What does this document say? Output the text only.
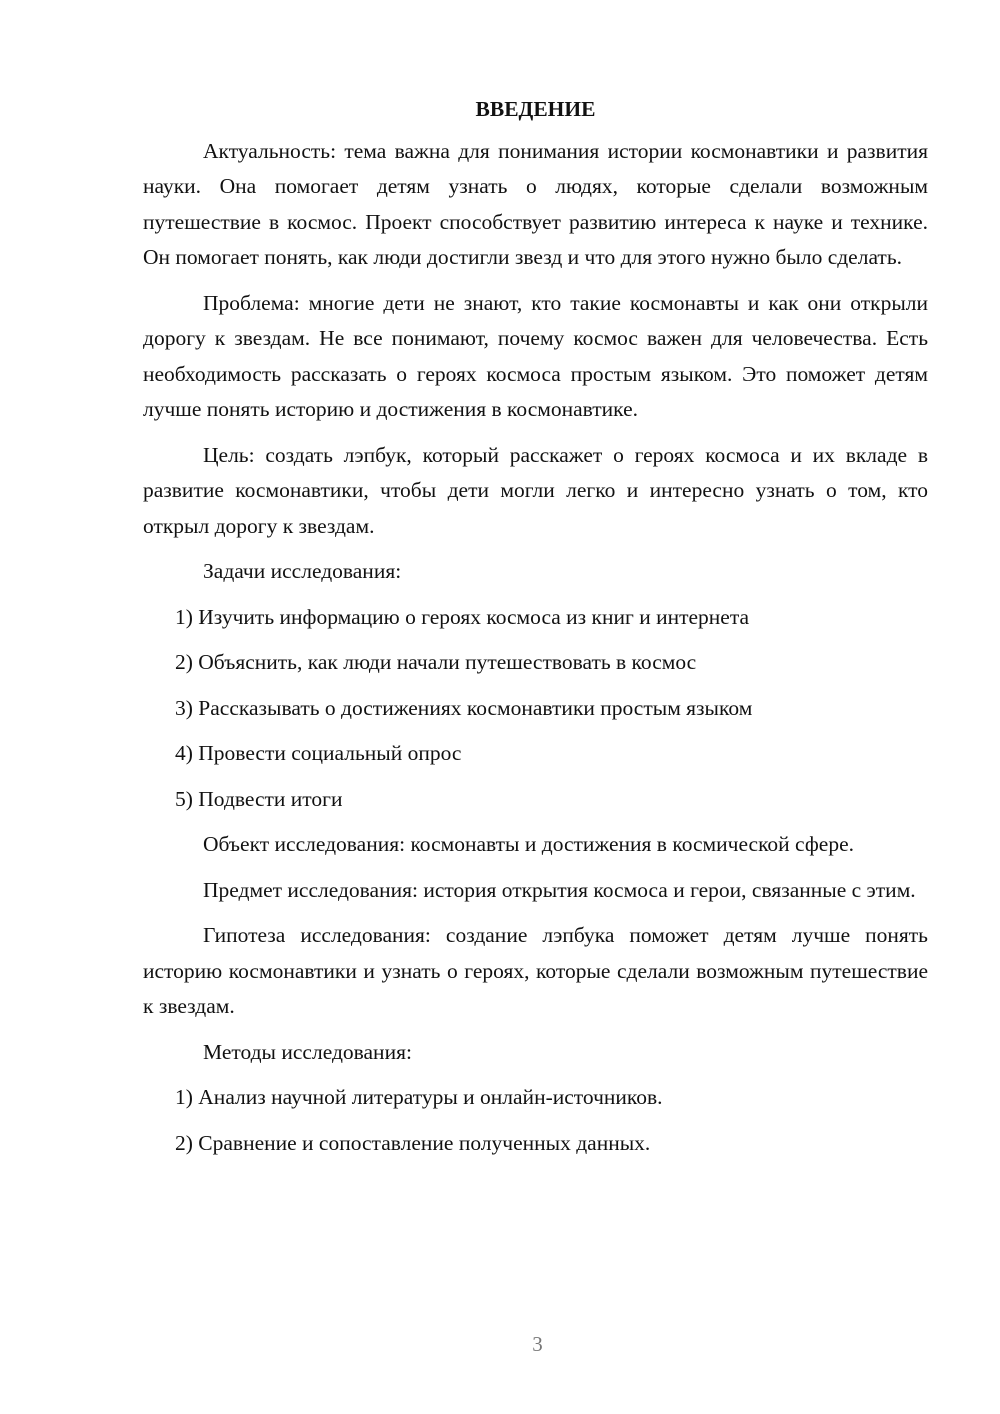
ВВЕДЕНИЕ

Актуальность: тема важна для понимания истории космонавтики и развития науки. Она помогает детям узнать о людях, которые сделали возможным путешествие в космос. Проект способствует развитию интереса к науке и технике. Он помогает понять, как люди достигли звезд и что для этого нужно было сделать.

Проблема: многие дети не знают, кто такие космонавты и как они открыли дорогу к звездам. Не все понимают, почему космос важен для человечества. Есть необходимость рассказать о героях космоса простым языком. Это поможет детям лучше понять историю и достижения в космонавтике.

Цель: создать лэпбук, который расскажет о героях космоса и их вкладе в развитие космонавтики, чтобы дети могли легко и интересно узнать о том, кто открыл дорогу к звездам.

Задачи исследования:

1) Изучить информацию о героях космоса из книг и интернета

2) Объяснить, как люди начали путешествовать в космос

3) Рассказывать о достижениях космонавтики простым языком

4) Провести социальный опрос

5) Подвести итоги

Объект исследования: космонавты и достижения в космической сфере.

Предмет исследования: история открытия космоса и герои, связанные с этим.

Гипотеза исследования: создание лэпбука поможет детям лучше понять историю космонавтики и узнать о героях, которые сделали возможным путешествие к звездам.

Методы исследования:

1) Анализ научной литературы и онлайн-источников.

2) Сравнение и сопоставление полученных данных.

3
